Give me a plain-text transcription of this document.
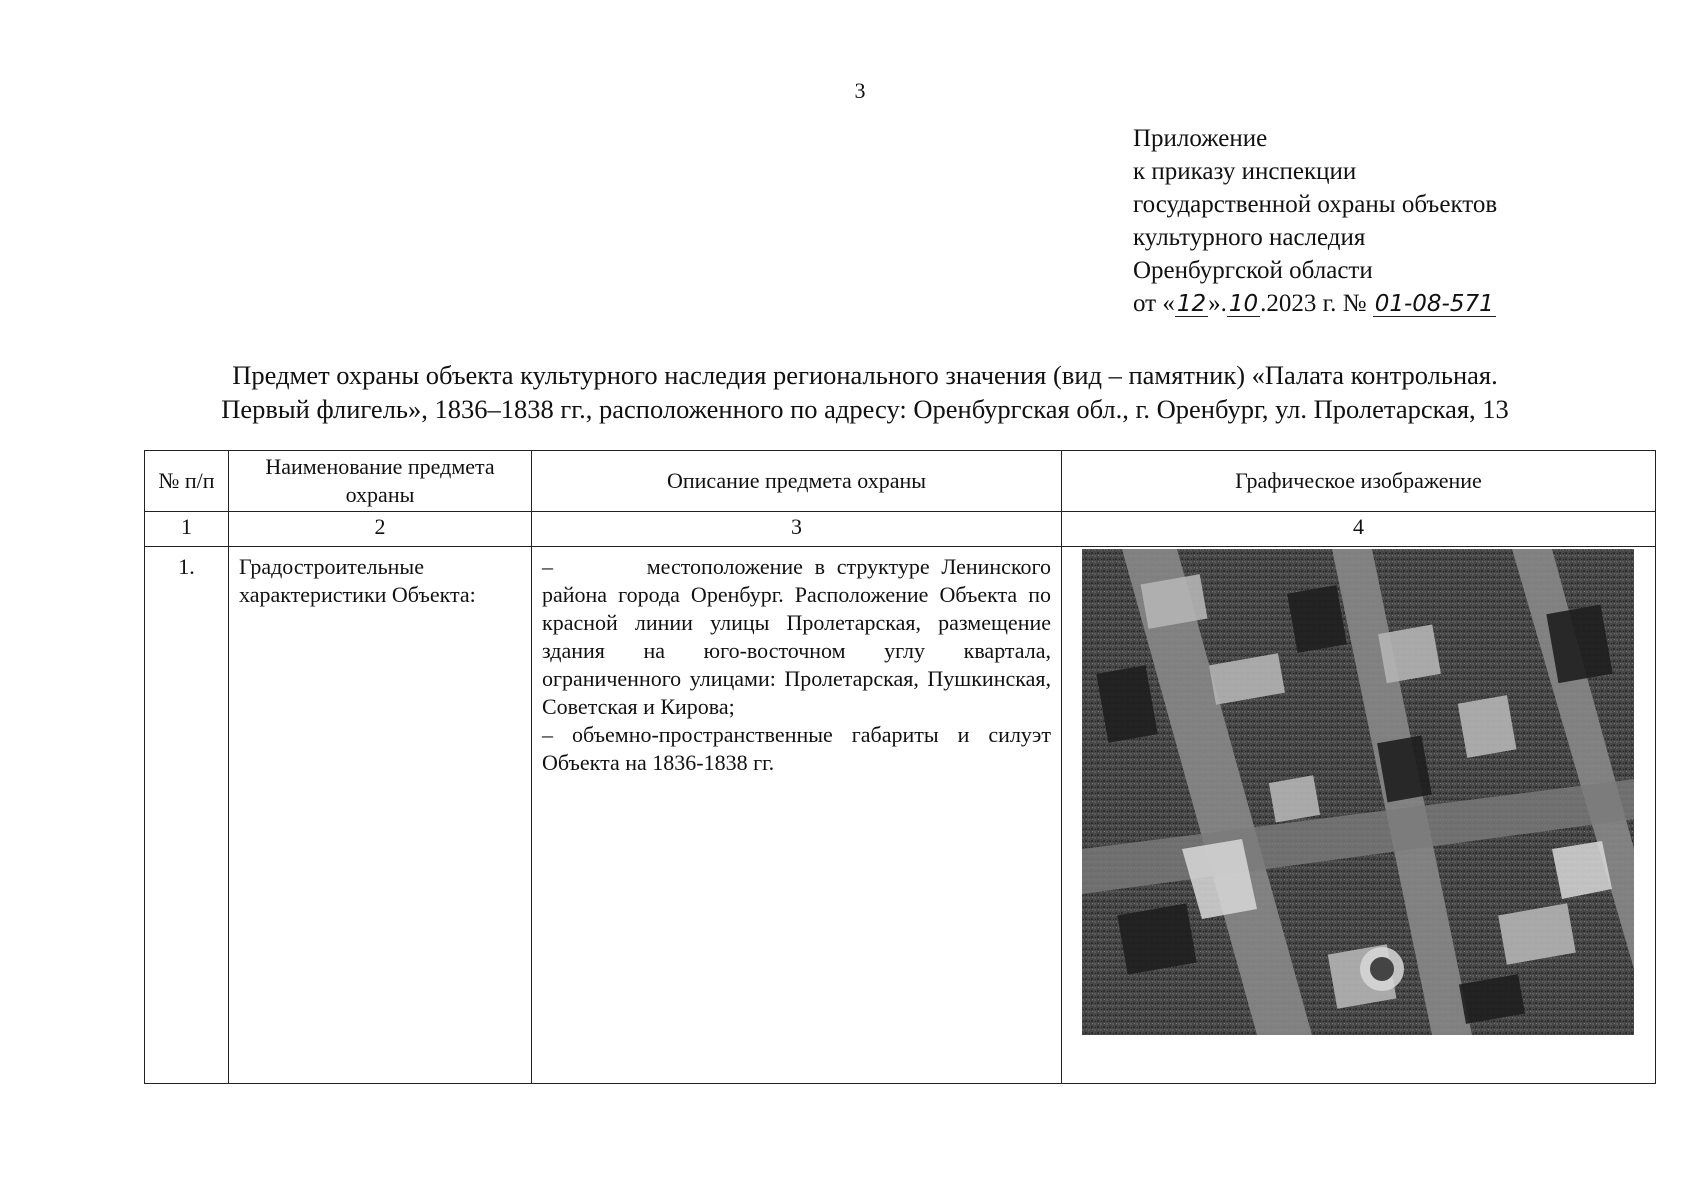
3
Приложение
к приказу инспекции
государственной охраны объектов
культурного наследия
Оренбургской области
от «12».10.2023 г. № 01-08-571
Предмет охраны объекта культурного наследия регионального значения (вид – памятник) «Палата контрольная.
Первый флигель», 1836–1838 гг., расположенного по адресу: Оренбургская обл., г. Оренбург, ул. Пролетарская, 13
№ п/п	Наименование предмета охраны	Описание предмета охраны	Графическое изображение
1	2	3	4
1.	Градостроительные характеристики Объекта:	–        местоположение в структуре Ленинского района города Оренбург. Расположение Объекта по красной линии улицы Пролетарская, размещение здания на юго-восточном углу квартала, ограниченного улицами: Пролетарская, Пушкинская, Советская и Кирова;

– объемно-пространственные габариты и силуэт Объекта на 1836-1838 гг.
